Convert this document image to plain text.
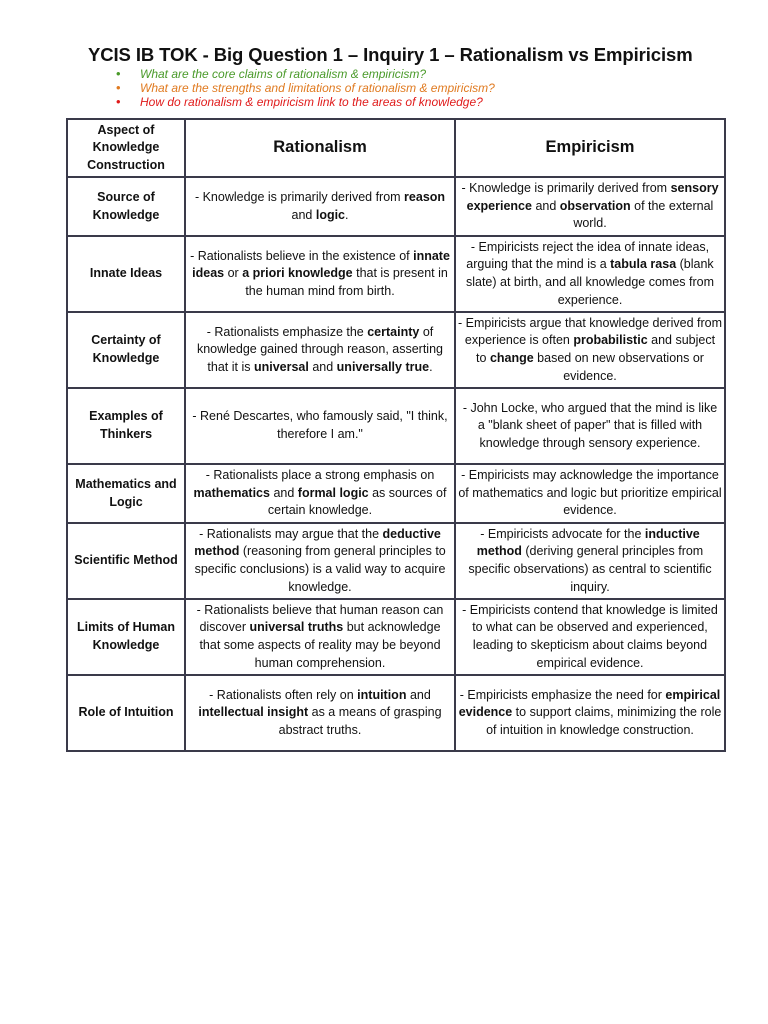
YCIS IB TOK - Big Question 1 – Inquiry 1 – Rationalism vs Empiricism
• What are the core claims of rationalism & empiricism?
• What are the strengths and limitations of rationalism & empiricism?
• How do rationalism & empiricism link to the areas of knowledge?
Aspect of Knowledge Construction	Rationalism	Empiricism
Source of Knowledge	- Knowledge is primarily derived from reason and logic.	- Knowledge is primarily derived from sensory experience and observation of the external world.
Innate Ideas	- Rationalists believe in the existence of innate ideas or a priori knowledge that is present in the human mind from birth.	- Empiricists reject the idea of innate ideas, arguing that the mind is a tabula rasa (blank slate) at birth, and all knowledge comes from experience.
Certainty of Knowledge	- Rationalists emphasize the certainty of knowledge gained through reason, asserting that it is universal and universally true.	- Empiricists argue that knowledge derived from experience is often probabilistic and subject to change based on new observations or evidence.
Examples of Thinkers	- René Descartes, who famously said, "I think, therefore I am."	- John Locke, who argued that the mind is like a "blank sheet of paper" that is filled with knowledge through sensory experience.
Mathematics and Logic	- Rationalists place a strong emphasis on mathematics and formal logic as sources of certain knowledge.	- Empiricists may acknowledge the importance of mathematics and logic but prioritize empirical evidence.
Scientific Method	- Rationalists may argue that the deductive method (reasoning from general principles to specific conclusions) is a valid way to acquire knowledge.	- Empiricists advocate for the inductive method (deriving general principles from specific observations) as central to scientific inquiry.
Limits of Human Knowledge	- Rationalists believe that human reason can discover universal truths but acknowledge that some aspects of reality may be beyond human comprehension.	- Empiricists contend that knowledge is limited to what can be observed and experienced, leading to skepticism about claims beyond empirical evidence.
Role of Intuition	- Rationalists often rely on intuition and intellectual insight as a means of grasping abstract truths.	- Empiricists emphasize the need for empirical evidence to support claims, minimizing the role of intuition in knowledge construction.
